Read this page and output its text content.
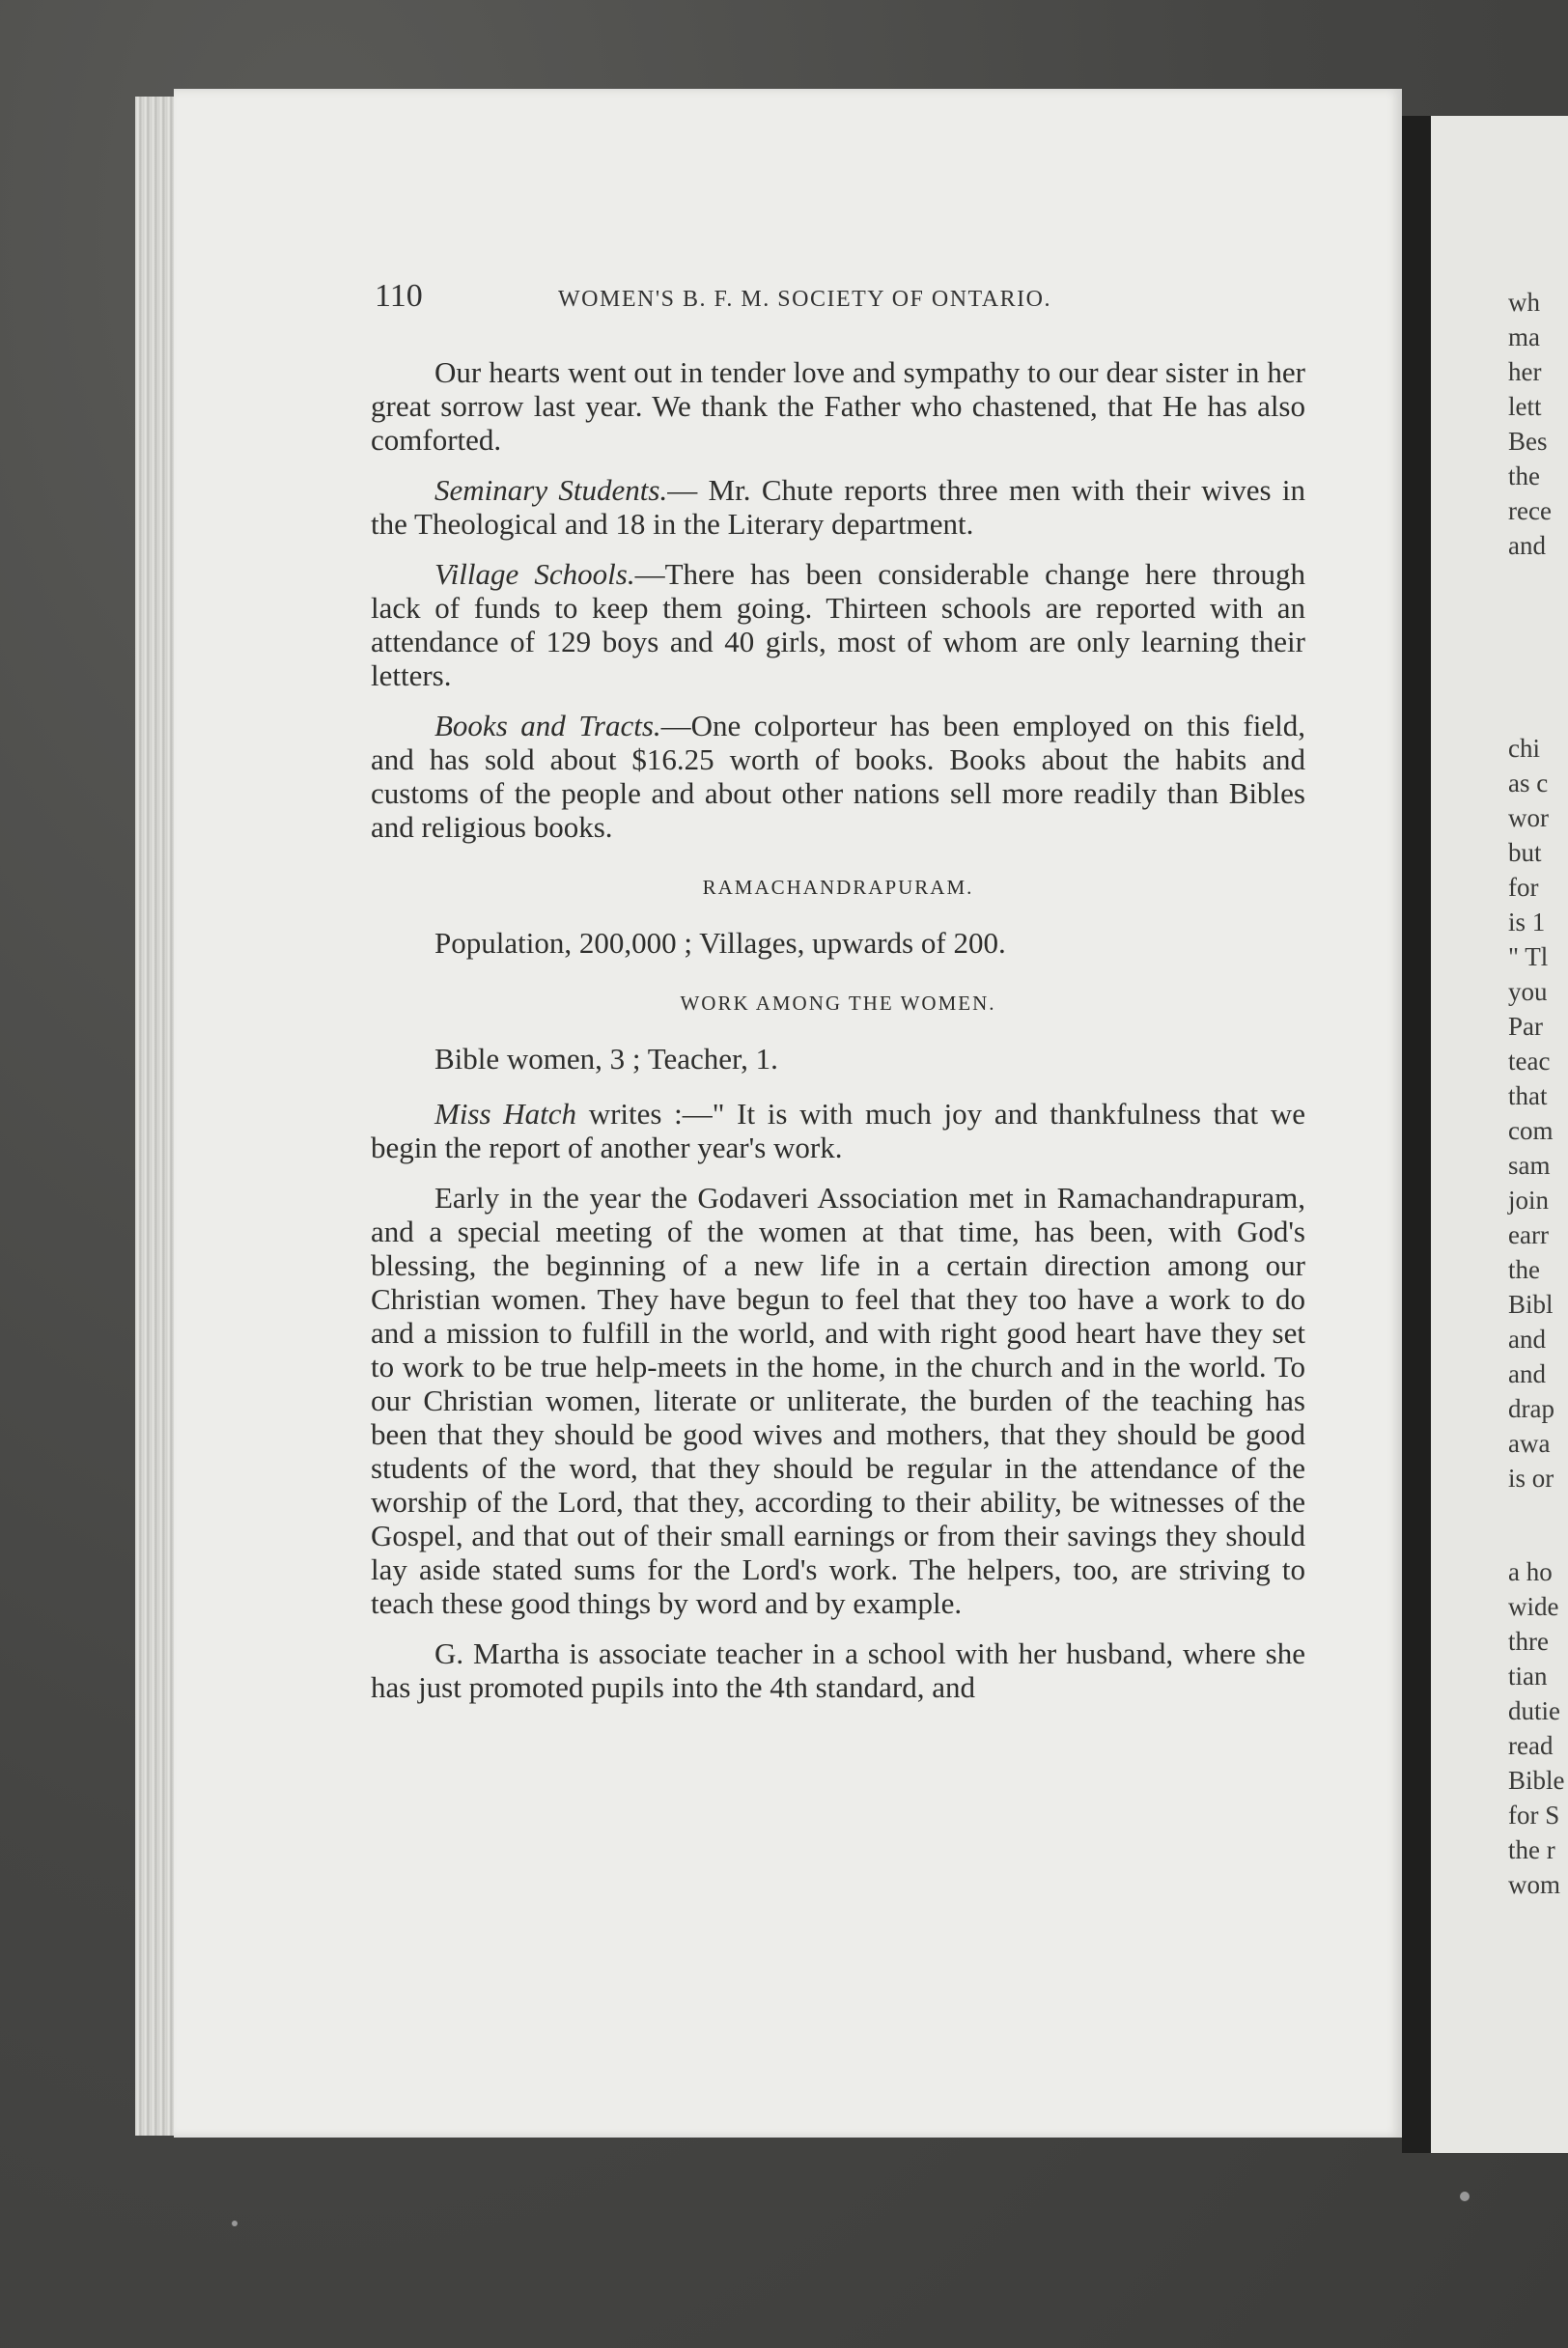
wh

ma

her

lett

Bes

the

rece

and

chi

as c

wor

but

for

is 1

" Tl

you

Par

teac

that

com

sam

join

earr

the

Bibl

and

and

drap

awa

is or

a ho

wide

thre

tian

dutie

read

Bible

for S

the r

wom

110	WOMEN'S B. F. M. SOCIETY OF ONTARIO.

Our hearts went out in tender love and sympathy to our dear sister in her great sorrow last year. We thank the Father who chastened, that He has also comforted.

Seminary Students.— Mr. Chute reports three men with their wives in the Theological and 18 in the Literary department.

Village Schools.—There has been considerable change here through lack of funds to keep them going. Thirteen schools are reported with an attendance of 129 boys and 40 girls, most of whom are only learning their letters.

Books and Tracts.—One colporteur has been employed on this field, and has sold about $16.25 worth of books. Books about the habits and customs of the people and about other nations sell more readily than Bibles and religious books.

RAMACHANDRAPURAM.

Population, 200,000 ; Villages, upwards of 200.

WORK AMONG THE WOMEN.

Bible women, 3 ; Teacher, 1.

Miss Hatch writes :—" It is with much joy and thankfulness that we begin the report of another year's work.

Early in the year the Godaveri Association met in Ramachandrapuram, and a special meeting of the women at that time, has been, with God's blessing, the beginning of a new life in a certain direction among our Christian women. They have begun to feel that they too have a work to do and a mission to fulfill in the world, and with right good heart have they set to work to be true help-meets in the home, in the church and in the world. To our Christian women, literate or unliterate, the burden of the teaching has been that they should be good wives and mothers, that they should be good students of the word, that they should be regular in the attendance of the worship of the Lord, that they, according to their ability, be witnesses of the Gospel, and that out of their small earnings or from their savings they should lay aside stated sums for the Lord's work. The helpers, too, are striving to teach these good things by word and by example.

G. Martha is associate teacher in a school with her husband, where she has just promoted pupils into the 4th standard, and
